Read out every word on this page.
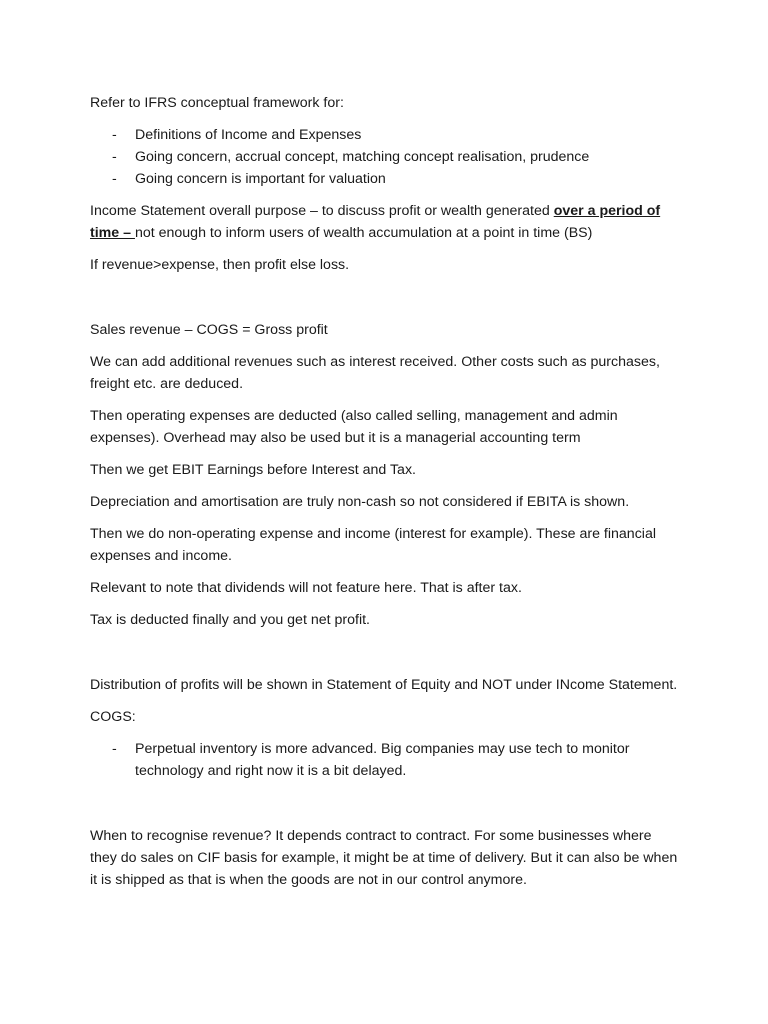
Refer to IFRS conceptual framework for:

- Definitions of Income and Expenses
- Going concern, accrual concept, matching concept realisation, prudence
- Going concern is important for valuation

Income Statement overall purpose – to discuss profit or wealth generated over a period of time – not enough to inform users of wealth accumulation at a point in time (BS)

If revenue>expense, then profit else loss.

Sales revenue – COGS = Gross profit

We can add additional revenues such as interest received. Other costs such as purchases, freight etc. are deduced.

Then operating expenses are deducted (also called selling, management and admin expenses). Overhead may also be used but it is a managerial accounting term

Then we get EBIT Earnings before Interest and Tax.

Depreciation and amortisation are truly non-cash so not considered if EBITA is shown.

Then we do non-operating expense and income (interest for example). These are financial expenses and income.

Relevant to note that dividends will not feature here. That is after tax.

Tax is deducted finally and you get net profit.

Distribution of profits will be shown in Statement of Equity and NOT under INcome Statement.

COGS:

- Perpetual inventory is more advanced. Big companies may use tech to monitor technology and right now it is a bit delayed.

When to recognise revenue? It depends contract to contract. For some businesses where they do sales on CIF basis for example, it might be at time of delivery. But it can also be when it is shipped as that is when the goods are not in our control anymore.
